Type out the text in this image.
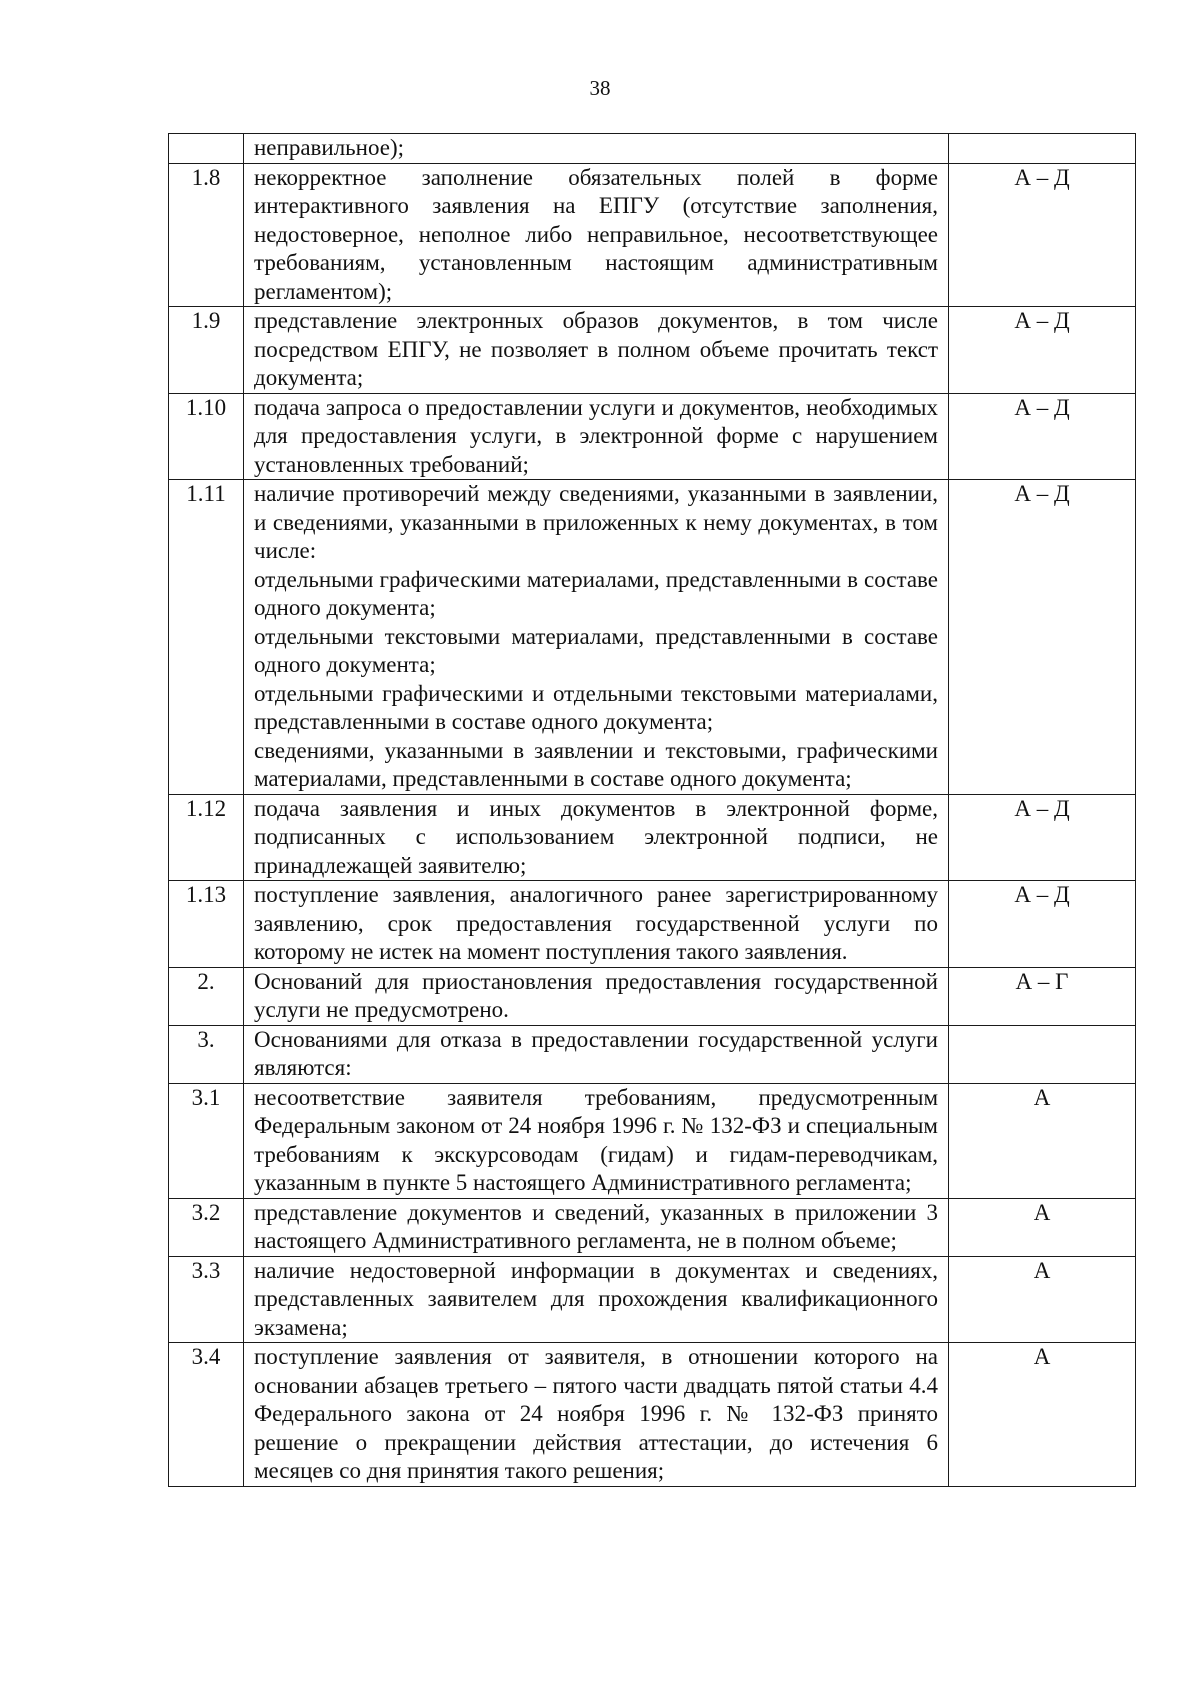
38

	неправильное);	

1.8	некорректное заполнение обязательных полей в форме интерактивного заявления на ЕПГУ (отсутствие заполнения, недостоверное, неполное либо неправильное, несоответствующее требованиям, установленным настоящим административным регламентом);	А – Д
1.9	представление электронных образов документов, в том числе посредством ЕПГУ, не позволяет в полном объеме прочитать текст документа;	А – Д
1.10	подача запроса о предоставлении услуги и документов, необходимых для предоставления услуги, в электронной форме с нарушением установленных требований;	А – Д
1.11	наличие противоречий между сведениями, указанными в заявлении, и сведениями, указанными в приложенных к нему документах, в том числе:
отдельными графическими материалами, представленными в составе одного документа;
отдельными текстовыми материалами, представленными в составе одного документа;
отдельными графическими и отдельными текстовыми материалами, представленными в составе одного документа;
сведениями, указанными в заявлении и текстовыми, графическими материалами, представленными в составе одного документа;	А – Д
1.12	подача заявления и иных документов в электронной форме, подписанных с использованием электронной подписи, не принадлежащей заявителю;	А – Д
1.13	поступление заявления, аналогичного ранее зарегистрированному заявлению, срок предоставления государственной услуги по которому не истек на момент поступления такого заявления.	А – Д
2.	Оснований для приостановления предоставления государственной услуги не предусмотрено.	А – Г
3.	Основаниями для отказа в предоставлении государственной услуги являются:	

3.1	несоответствие заявителя требованиям, предусмотренным Федеральным законом от 24 ноября 1996 г. № 132-ФЗ и специальным требованиям к экскурсоводам (гидам) и гидам-переводчикам, указанным в пункте 5 настоящего Административного регламента;	А
3.2	представление документов и сведений, указанных в приложении 3 настоящего Административного регламента, не в полном объеме;	А
3.3	наличие недостоверной информации в документах и сведениях, представленных заявителем для прохождения квалификационного экзамена;	А
3.4	поступление заявления от заявителя, в отношении которого на основании абзацев третьего – пятого части двадцать пятой статьи 4.4 Федерального закона от 24 ноября 1996 г. № 132-ФЗ принято решение о прекращении действия аттестации, до истечения 6 месяцев со дня принятия такого решения;	А
